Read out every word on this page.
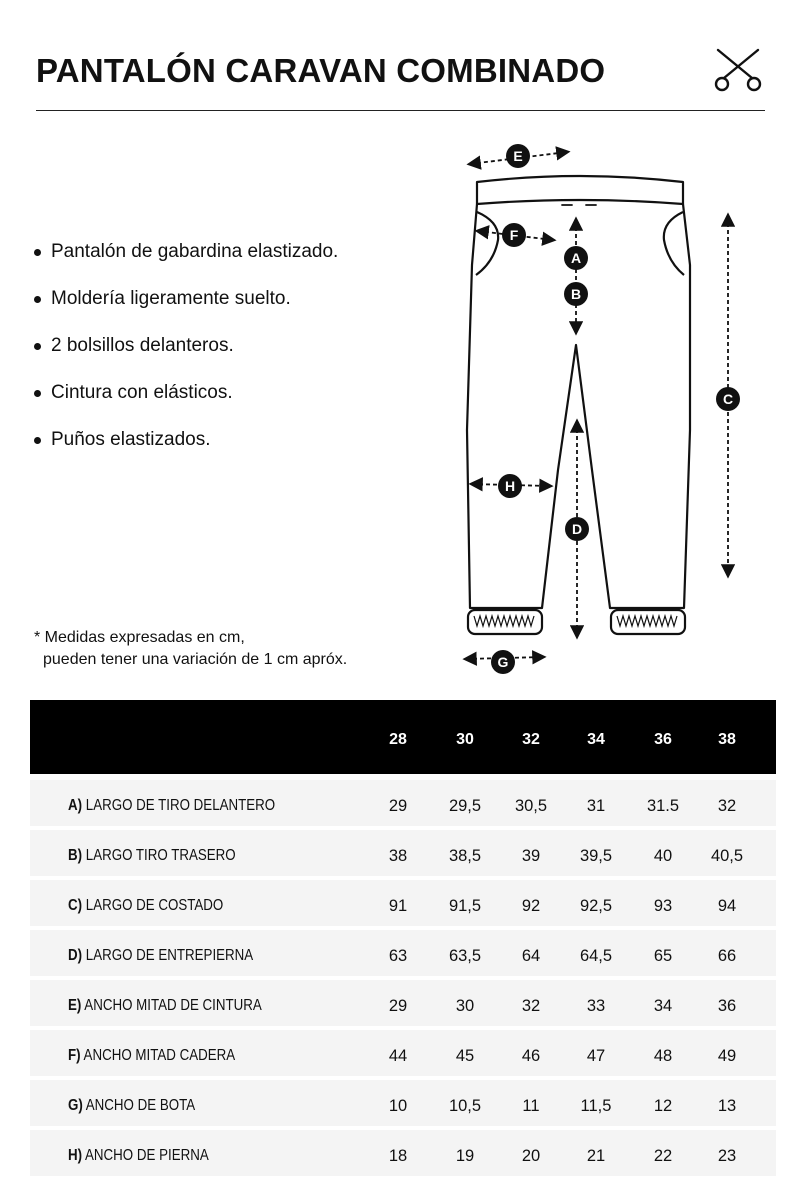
PANTALÓN CARAVAN COMBINADO
Pantalón de gabardina elastizado.
Moldería ligeramente suelto.
2 bolsillos delanteros.
Cintura con elásticos.
Puños elastizados.
* Medidas expresadas en cm,
pueden tener una variación de 1 cm apróx.
E
F
A
B
C
H
D
G
28	30	32	34	36	38
A) LARGO DE TIRO DELANTERO	29	29,5	30,5	31	31.5	32
B) LARGO TIRO TRASERO	38	38,5	39	39,5	40	40,5
C) LARGO DE COSTADO	91	91,5	92	92,5	93	94
D) LARGO DE ENTREPIERNA	63	63,5	64	64,5	65	66
E) ANCHO MITAD DE CINTURA	29	30	32	33	34	36
F) ANCHO MITAD CADERA	44	45	46	47	48	49
G) ANCHO DE BOTA	10	10,5	11	11,5	12	13
H) ANCHO DE PIERNA	18	19	20	21	22	23
